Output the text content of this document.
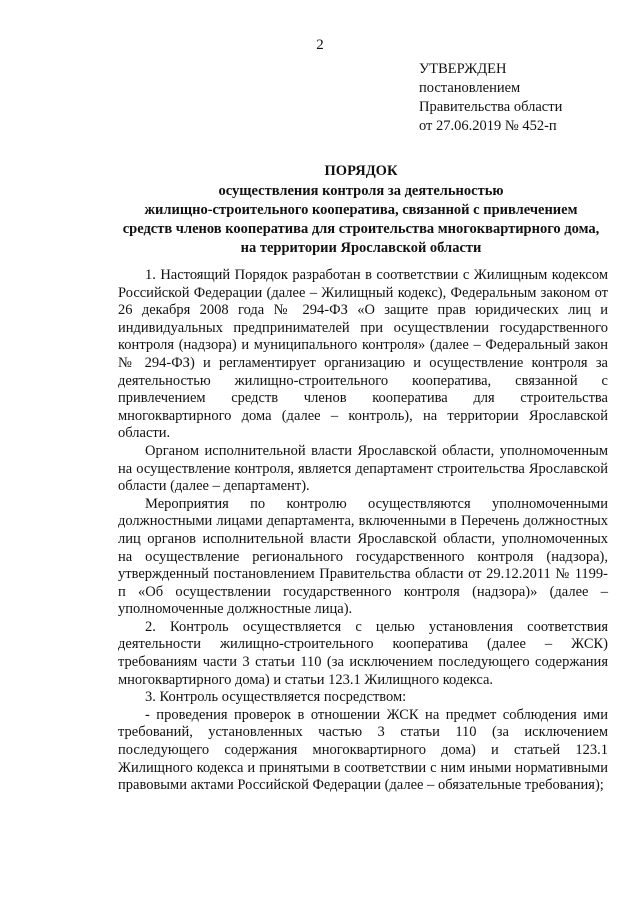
2
УТВЕРЖДЕН
постановлением
Правительства области
от 27.06.2019 № 452-п
ПОРЯДОК
осуществления контроля за деятельностью
жилищно-строительного кооператива, связанной с привлечением
средств членов кооператива для строительства многоквартирного дома,
на территории Ярославской области

1. Настоящий Порядок разработан в соответствии с Жилищным кодексом Российской Федерации (далее – Жилищный кодекс), Федеральным законом от 26 декабря 2008 года № 294-ФЗ «О защите прав юридических лиц и индивидуальных предпринимателей при осуществлении государственного контроля (надзора) и муниципального контроля» (далее – Федеральный закон № 294-ФЗ) и регламентирует организацию и осуществление контроля за деятельностью жилищно-строительного кооператива, связанной с привлечением средств членов кооператива для строительства многоквартирного дома (далее – контроль), на территории Ярославской области.

Органом исполнительной власти Ярославской области, уполномоченным на осуществление контроля, является департамент строительства Ярославской области (далее – департамент).

Мероприятия по контролю осуществляются уполномоченными должностными лицами департамента, включенными в Перечень должностных лиц органов исполнительной власти Ярославской области, уполномоченных на осуществление регионального государственного контроля (надзора), утвержденный постановлением Правительства области от 29.12.2011 № 1199-п «Об осуществлении государственного контроля (надзора)» (далее – уполномоченные должностные лица).

2. Контроль осуществляется с целью установления соответствия деятельности жилищно-строительного кооператива (далее – ЖСК) требованиям части 3 статьи 110 (за исключением последующего содержания многоквартирного дома) и статьи 123.1 Жилищного кодекса.

3. Контроль осуществляется посредством:

- проведения проверок в отношении ЖСК на предмет соблюдения ими требований, установленных частью 3 статьи 110 (за исключением последующего содержания многоквартирного дома) и статьей 123.1 Жилищного кодекса и принятыми в соответствии с ним иными нормативными правовыми актами Российской Федерации (далее – обязательные требования);
